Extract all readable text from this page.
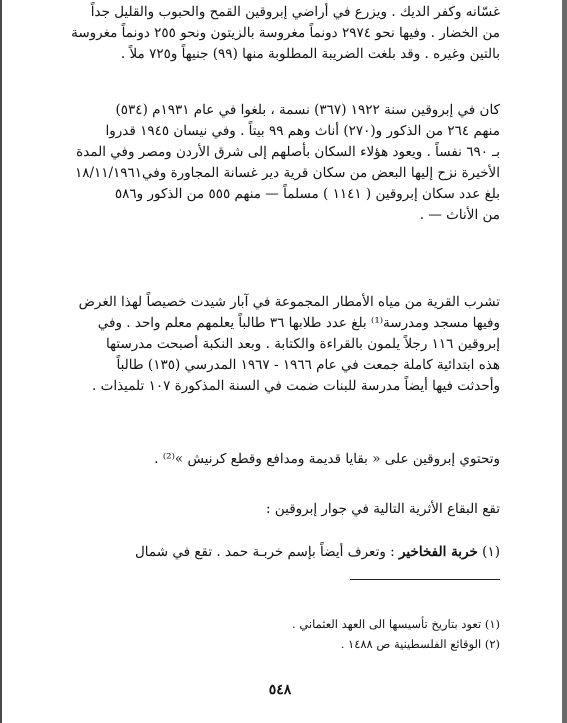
غسّانه وكفر الديك . ويزرع في أراضي إبروقين القمح والحبوب والقليل جداً
من الخضار . وفيها نحو ٢٩٧٤ دونماً مغروسة بالزيتون ونحو ٢٥٥ دونماً مغروسة
بالتين وغيره . وقد بلغت الضريبة المطلوبة منها (٩٩) جنيهاً و٧٢٥ ملاً .
كان في إبروقين سنة ١٩٢٢ (٣٦٧) نسمة ، بلغوا في عام ١٩٣١م (٥٣٤)
منهم ٢٦٤ من الذكور و(٢٧٠) أناث وهم ٩٩ بيتاً . وفي نيسان ١٩٤٥ قدروا
بـ ٦٩٠ نفساً . ويعود هؤلاء السكان بأصلهم إلى شرق الأردن ومصر وفي المدة
الأخيرة نزح إليها البعض من سكان قرية دير غسانة المجاورة وفي١٨/١١/١٩٦١
بلغ عدد سكان إبروقين ( ١١٤١ ) مسلماً — منهم ٥٥٥ من الذكور و٥٨٦
من الأناث — .
تشرب القرية من مياه الأمطار المجموعة في آبار شيدت خصيصاً لهذا الغرض
وفيها مسجد ومدرسة⁽¹⁾ بلغ عدد طلابها ٣٦ طالباً يعلمهم معلم واحد . وفي
إبروقين ١١٦ رجلاً يلمون بالقراءة والكتابة . وبعد النكبة أصبحت مدرستها
هذه ابتدائية كاملة جمعت في عام ١٩٦٦ - ١٩٦٧ المدرسي (١٣٥) طالباً
وأحدثت فيها أيضاً مدرسة للبنات ضمت في السنة المذكورة ١٠٧ تلميذات .
وتحتوي إبروقين على « بقايا قديمة ومدافع وقطع كرنيش »⁽²⁾ .
تقع البقاع الأثرية التالية في جوار إبروقين :
(١) خربة الفخاخير : وتعرف أيضاً بإسم خربـة حمد . تقع في شمال
(١) تعود بتاريخ تأسيسها الى العهد العثماني .
(٢) الوقائع الفلسطينية ص ١٤٨٨ .
٥٤٨
